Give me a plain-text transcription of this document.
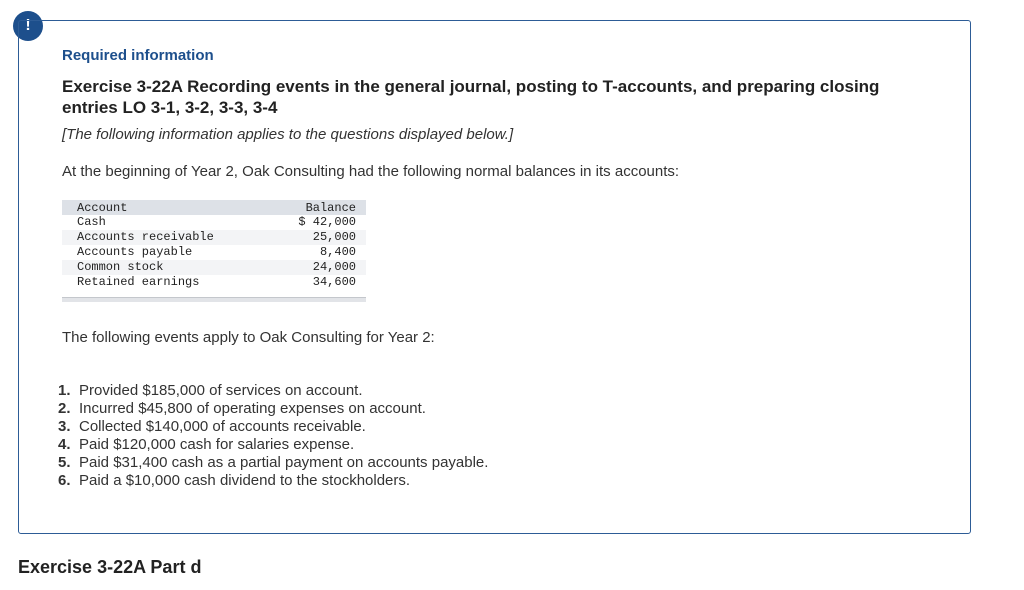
!
Required information
Exercise 3-22A Recording events in the general journal, posting to T-accounts, and preparing closing entries LO 3-1, 3-2, 3-3, 3-4
[The following information applies to the questions displayed below.]
At the beginning of Year 2, Oak Consulting had the following normal balances in its accounts:
Account	Balance
Cash	$ 42,000
Accounts receivable	25,000
Accounts payable	8,400
Common stock	24,000
Retained earnings	34,600
The following events apply to Oak Consulting for Year 2:
1. Provided $185,000 of services on account.
2. Incurred $45,800 of operating expenses on account.
3. Collected $140,000 of accounts receivable.
4. Paid $120,000 cash for salaries expense.
5. Paid $31,400 cash as a partial payment on accounts payable.
6. Paid a $10,000 cash dividend to the stockholders.
Exercise 3-22A Part d
